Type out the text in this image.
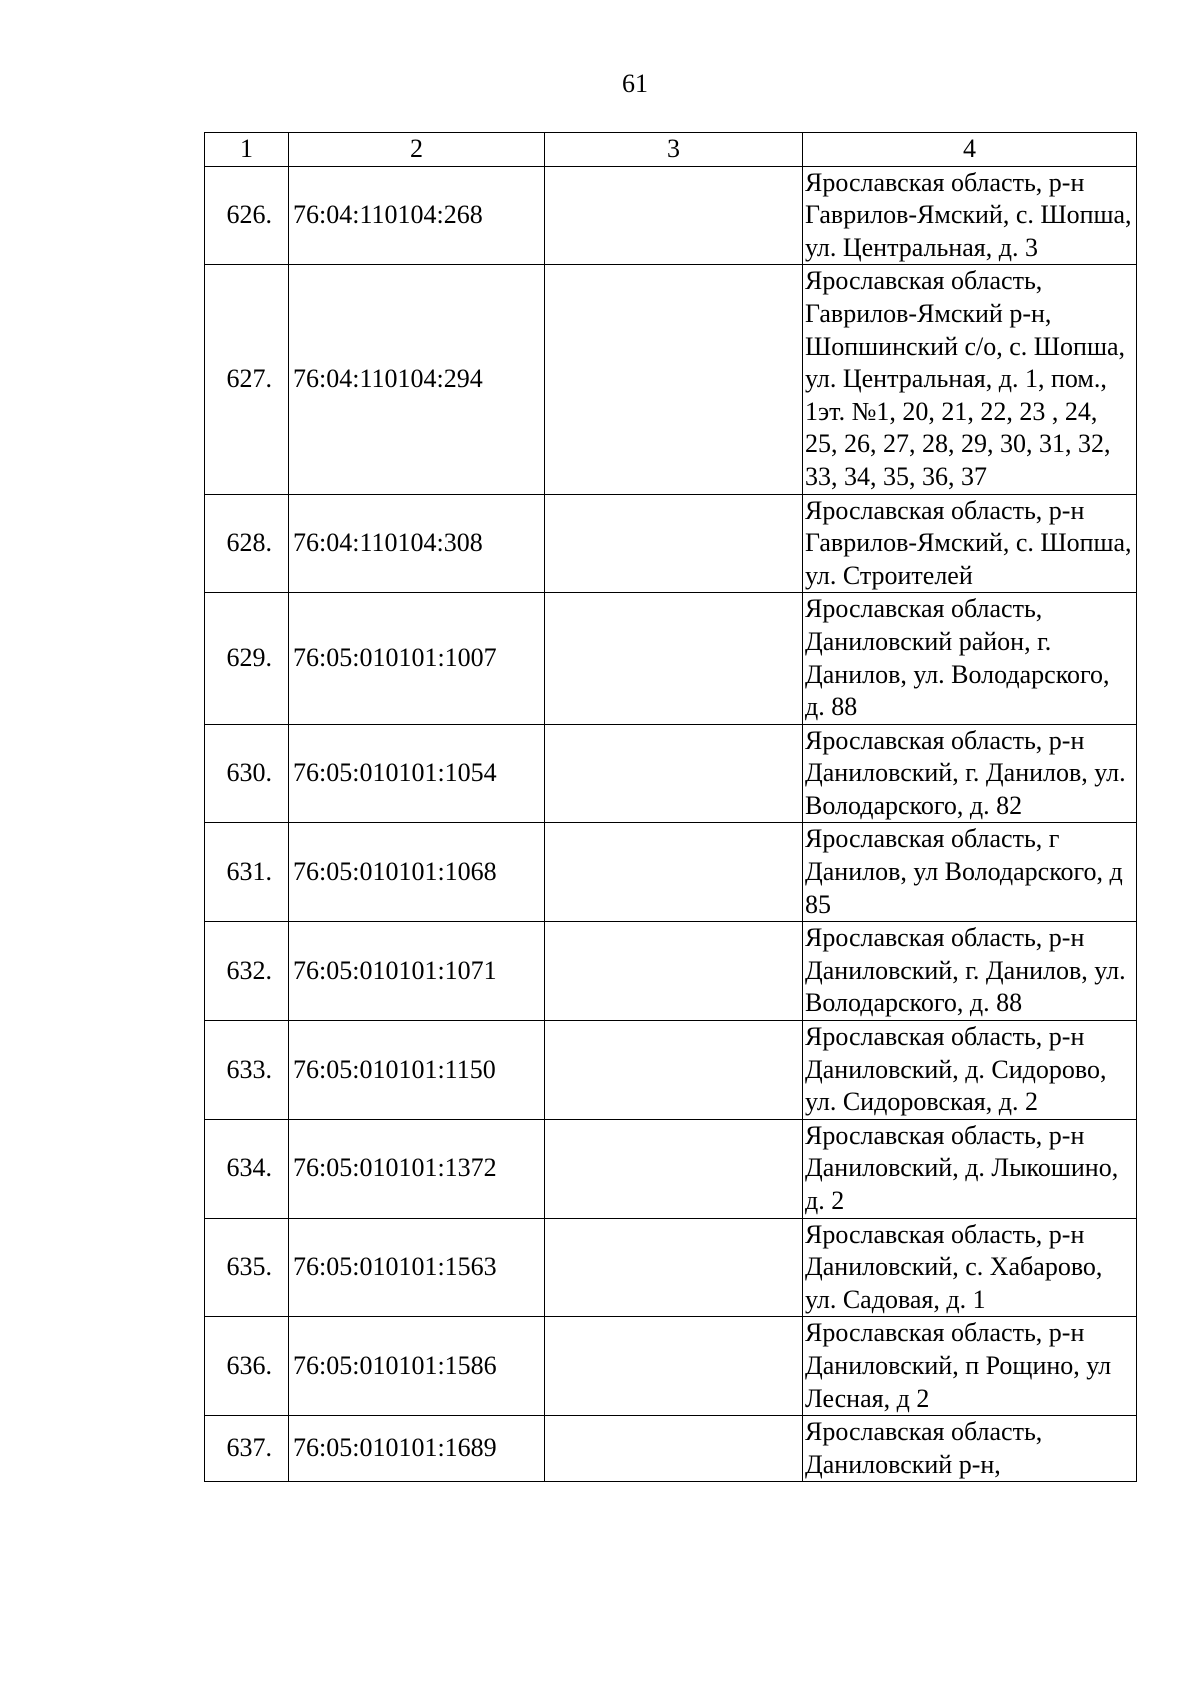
61
1	2	3	4
626.	76:04:110104:268		Ярославская область, р-н Гаврилов-Ямский, с. Шопша, ул. Центральная, д. 3
627.	76:04:110104:294		Ярославская область, Гаврилов-Ямский р-н, Шопшинский с/о, с. Шопша, ул. Центральная, д. 1, пом., 1эт. №1, 20, 21, 22, 23 , 24, 25, 26, 27, 28, 29, 30, 31, 32, 33, 34, 35, 36, 37
628.	76:04:110104:308		Ярославская область, р-н Гаврилов-Ямский, с. Шопша, ул. Строителей
629.	76:05:010101:1007		Ярославская область, Даниловский район, г. Данилов, ул. Володарского, д. 88
630.	76:05:010101:1054		Ярославская область, р-н Даниловский, г. Данилов, ул. Володарского, д. 82
631.	76:05:010101:1068		Ярославская область, г Данилов, ул Володарского, д 85
632.	76:05:010101:1071		Ярославская область, р-н Даниловский, г. Данилов, ул. Володарского, д. 88
633.	76:05:010101:1150		Ярославская область, р-н Даниловский, д. Сидорово, ул. Сидоровская, д. 2
634.	76:05:010101:1372		Ярославская область, р-н Даниловский, д. Лыкошино, д. 2
635.	76:05:010101:1563		Ярославская область, р-н Даниловский, с. Хабарово, ул. Садовая, д. 1
636.	76:05:010101:1586		Ярославская область, р-н Даниловский, п Рощино, ул Лесная, д 2
637.	76:05:010101:1689		Ярославская область, Даниловский р-н,
